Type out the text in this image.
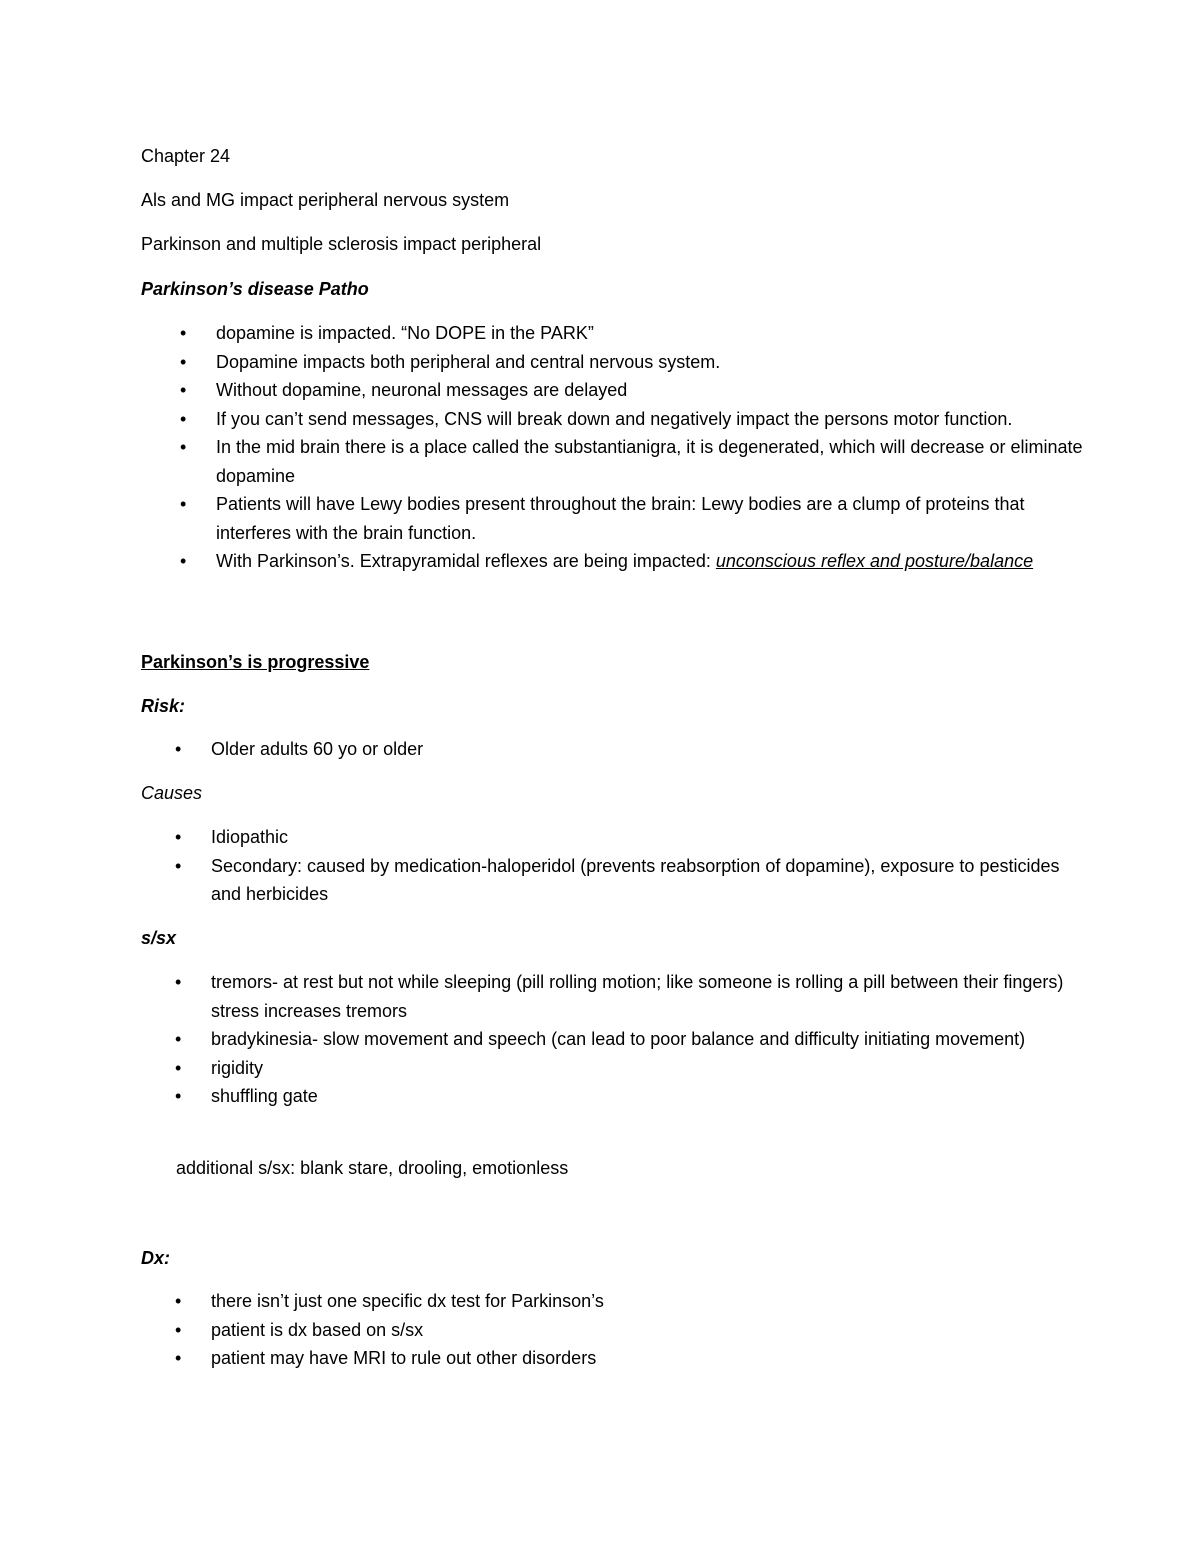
Chapter 24
Als and MG impact peripheral nervous system
Parkinson and multiple sclerosis impact peripheral
Parkinson’s disease Patho
• dopamine is impacted. “No DOPE in the PARK”
• Dopamine impacts both peripheral and central nervous system.
• Without dopamine, neuronal messages are delayed
• If you can’t send messages, CNS will break down and negatively impact the persons motor function.
• In the mid brain there is a place called the substantianigra, it is degenerated, which will decrease or eliminate dopamine
• Patients will have Lewy bodies present throughout the brain: Lewy bodies are a clump of proteins that interferes with the brain function.
• With Parkinson’s. Extrapyramidal reflexes are being impacted: unconscious reflex and posture/balance
Parkinson’s is progressive
Risk:
• Older adults 60 yo or older
Causes
• Idiopathic
• Secondary: caused by medication-haloperidol (prevents reabsorption of dopamine), exposure to pesticides and herbicides
s/sx
• tremors- at rest but not while sleeping (pill rolling motion; like someone is rolling a pill between their fingers) stress increases tremors
• bradykinesia- slow movement and speech (can lead to poor balance and difficulty initiating movement)
• rigidity
• shuffling gate
additional s/sx: blank stare, drooling, emotionless
Dx:
• there isn’t just one specific dx test for Parkinson’s
• patient is dx based on s/sx
• patient may have MRI to rule out other disorders
